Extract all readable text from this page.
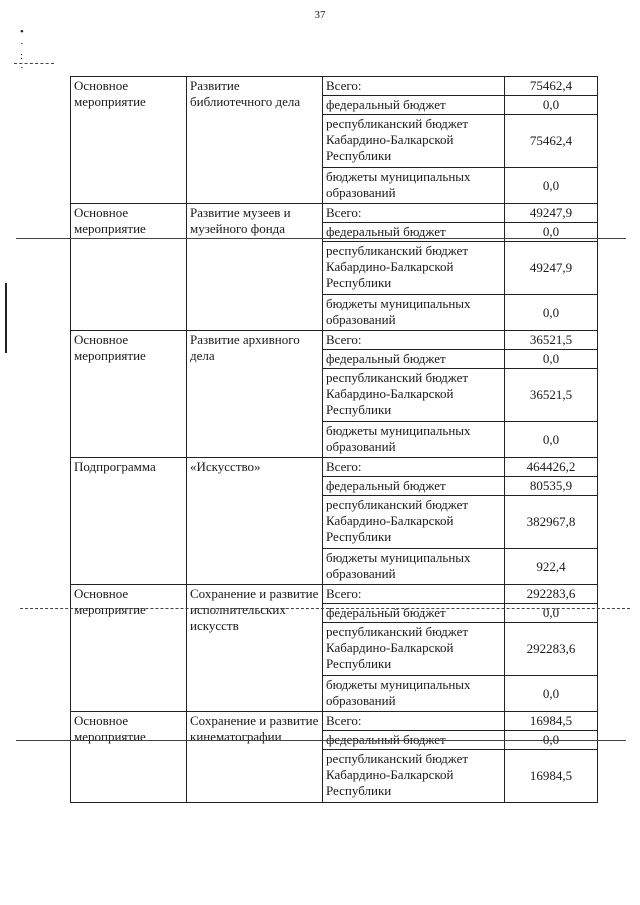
37
•
·
:
·
Основное мероприятие	Развитие библиотечного дела	Всего:	75462,4
		федеральный бюджет	0,0
		республиканский бюджет Кабардино-Балкарской Республики	75462,4
		бюджеты муниципальных образований	0,0
Основное мероприятие	Развитие музеев и музейного фонда	Всего:	49247,9
		федеральный бюджет	0,0
		республиканский бюджет Кабардино-Балкарской Республики	49247,9
		бюджеты муниципальных образований	0,0
Основное мероприятие	Развитие архивного дела	Всего:	36521,5
		федеральный бюджет	0,0
		республиканский бюджет Кабардино-Балкарской Республики	36521,5
		бюджеты муниципальных образований	0,0
Подпрограмма	«Искусство»	Всего:	464426,2
		федеральный бюджет	80535,9
		республиканский бюджет Кабардино-Балкарской Республики	382967,8
		бюджеты муниципальных образований	922,4
Основное мероприятие	Сохранение и развитие исполнительских искусств	Всего:	292283,6
		федеральный бюджет	0,0
		республиканский бюджет Кабардино-Балкарской Республики	292283,6
		бюджеты муниципальных образований	0,0
Основное мероприятие	Сохранение и развитие кинематографии	Всего:	16984,5
		федеральный бюджет	0,0
		республиканский бюджет Кабардино-Балкарской Республики	16984,5
